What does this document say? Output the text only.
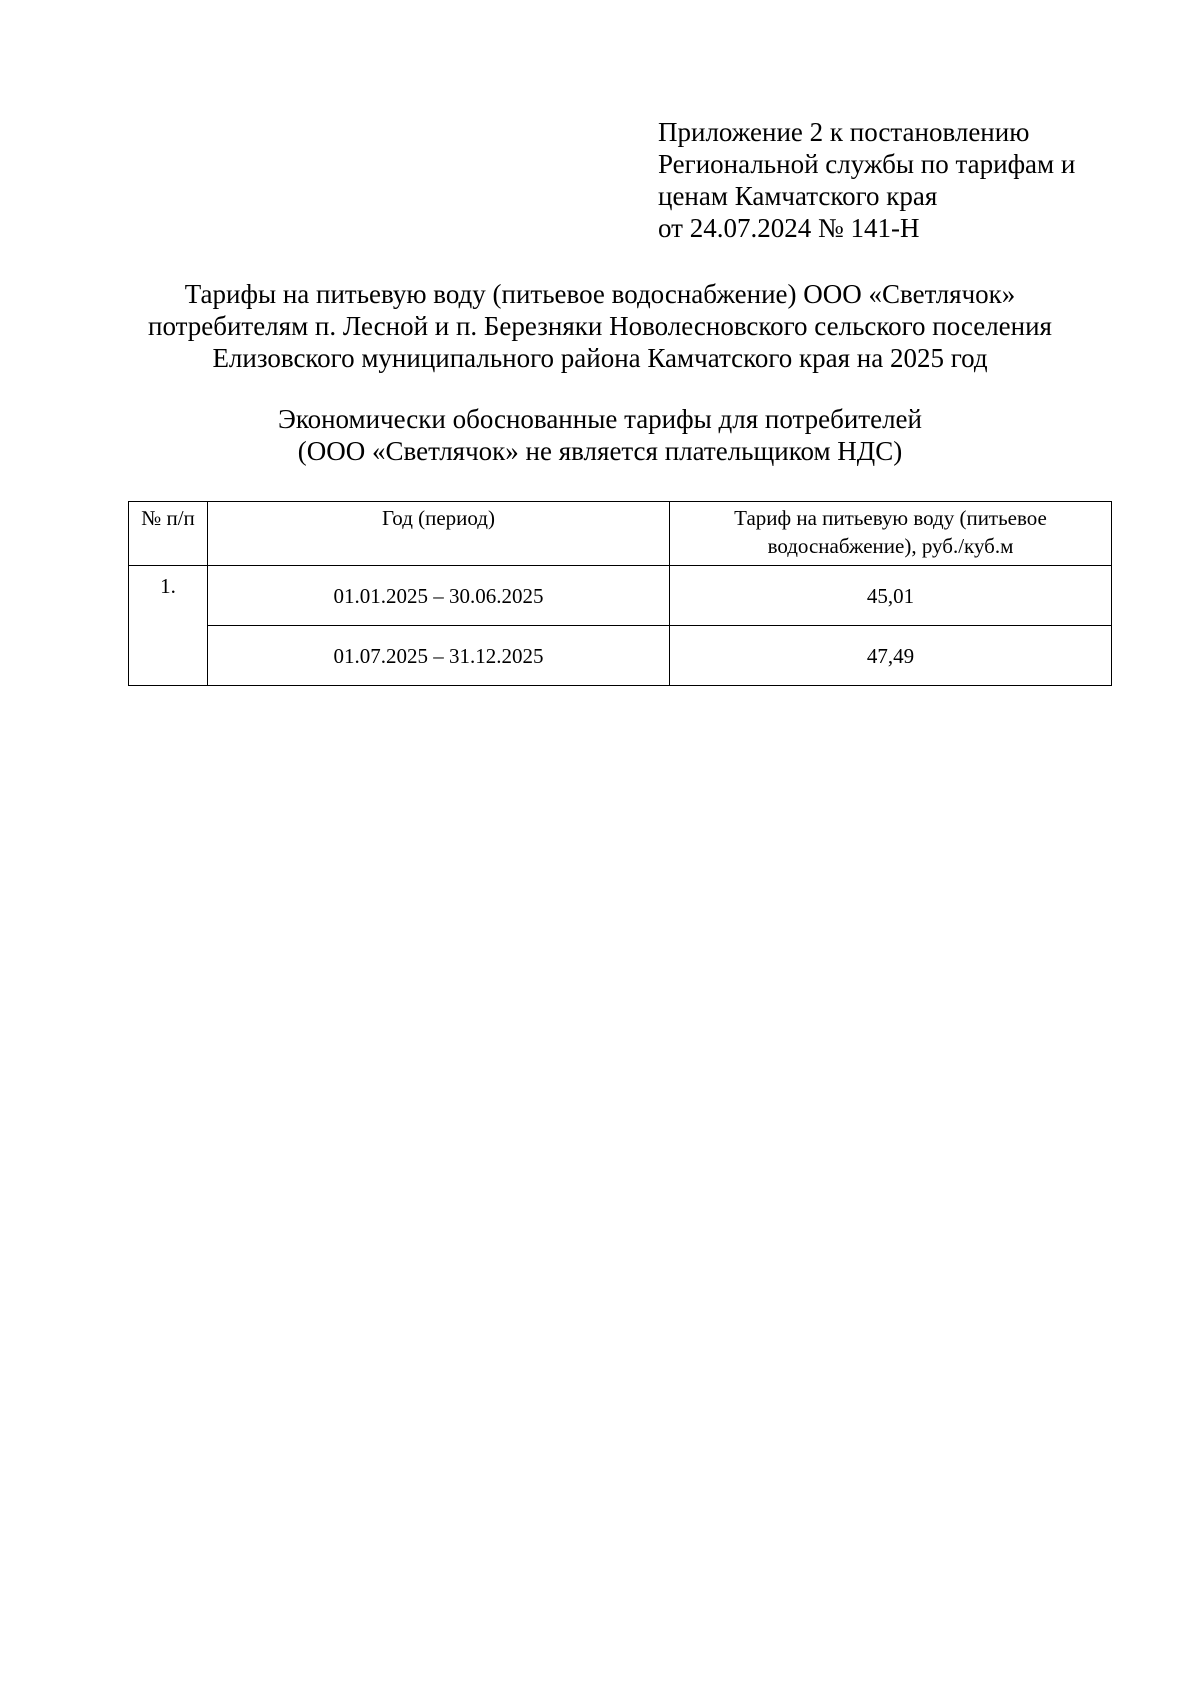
Приложение 2 к постановлению
Региональной службы по тарифам и
ценам Камчатского края
от 24.07.2024 № 141-Н
Тарифы на питьевую воду (питьевое водоснабжение) ООО «Светлячок»
потребителям п. Лесной и п. Березняки Новолесновского сельского поселения
Елизовского муниципального района Камчатского края на 2025 год
Экономически обоснованные тарифы для потребителей
(ООО «Светлячок» не является плательщиком НДС)
№ п/п	Год (период)	Тариф на питьевую воду (питьевое
водоснабжение), руб./куб.м

1.	01.01.2025 – 30.06.2025	45,01
	01.07.2025 – 31.12.2025	47,49
